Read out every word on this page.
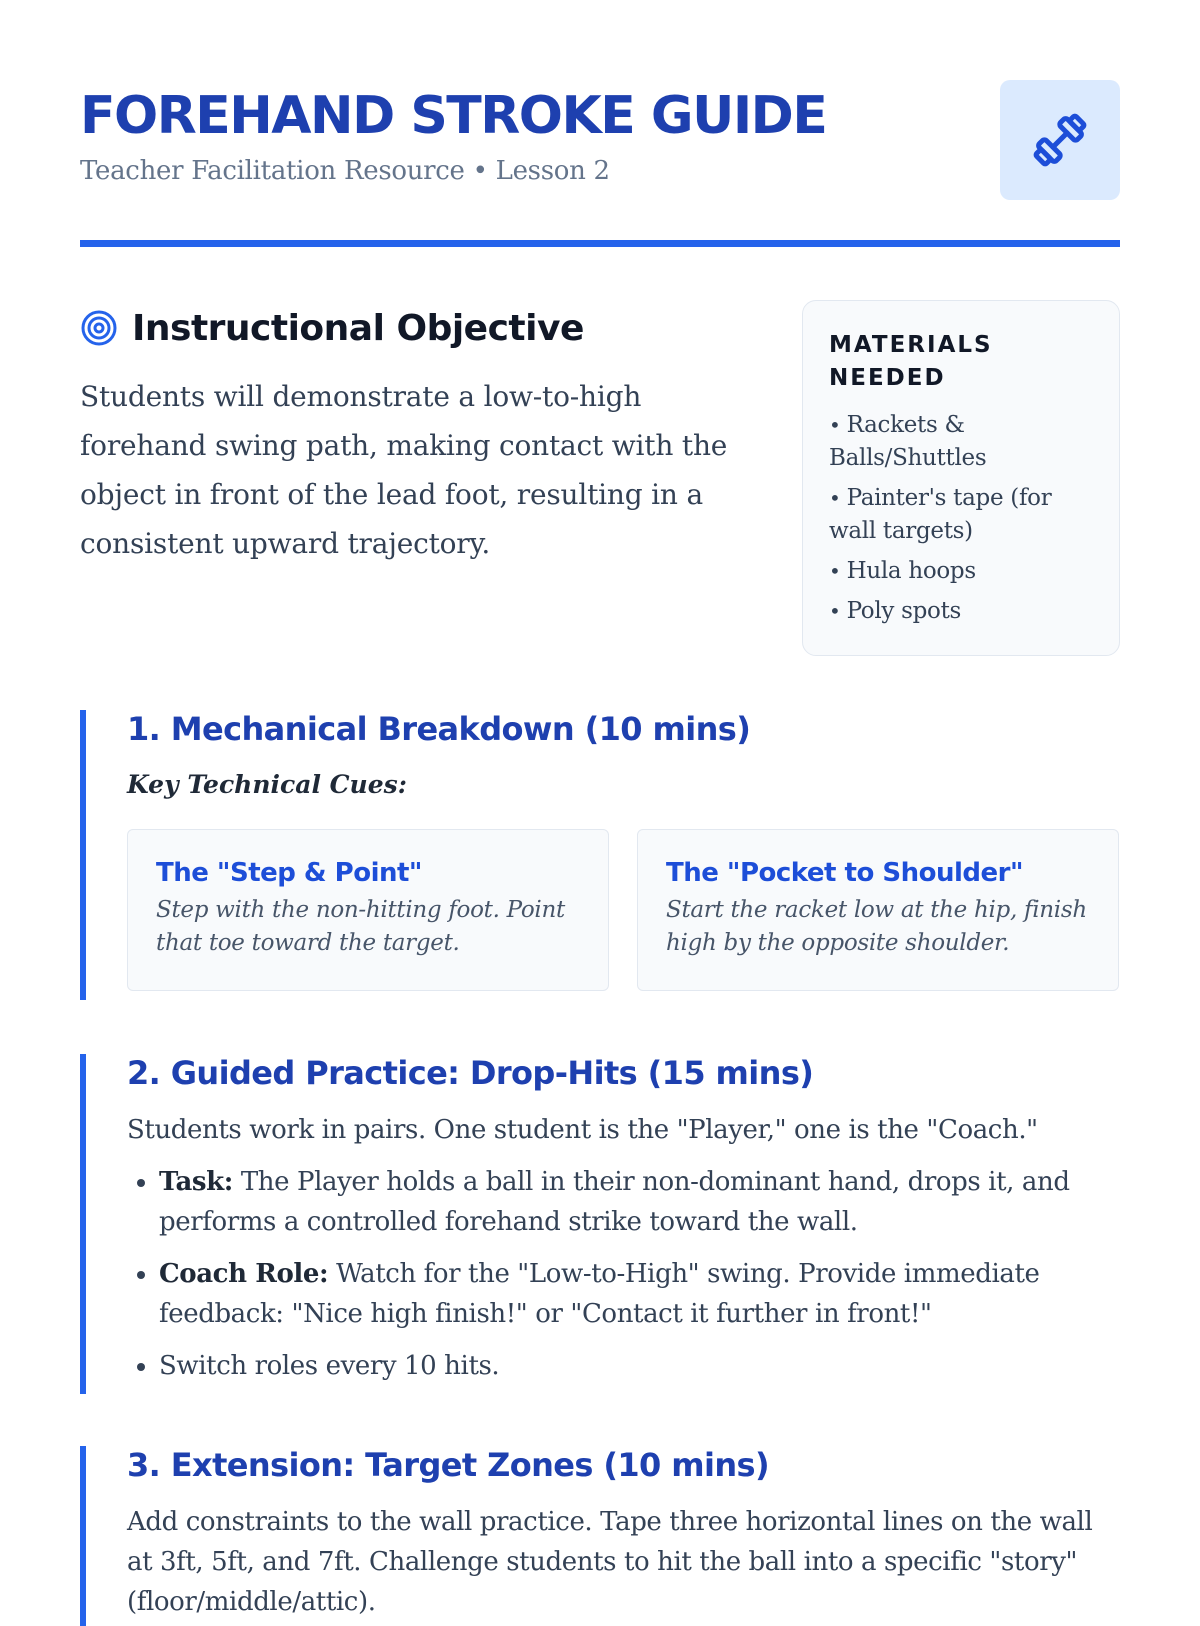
FOREHAND STROKE GUIDE
Teacher Facilitation Resource • Lesson 2
Instructional Objective

Students will demonstrate a low-to-high forehand swing path, making contact with the object in front of the lead foot, resulting in a consistent upward trajectory.

MATERIALS NEEDED
• Rackets & Balls/Shuttles
• Painter's tape (for wall targets)
• Hula hoops
• Poly spots
1. Mechanical Breakdown (10 mins)

Key Technical Cues:

The "Step & Point"

Step with the non-hitting foot. Point that toe toward the target.

The "Pocket to Shoulder"

Start the racket low at the hip, finish high by the opposite shoulder.

2. Guided Practice: Drop-Hits (15 mins)

Students work in pairs. One student is the "Player," one is the "Coach."

• Task: The Player holds a ball in their non-dominant hand, drops it, and performs a controlled forehand strike toward the wall.
• Coach Role: Watch for the "Low-to-High" swing. Provide immediate feedback: "Nice high finish!" or "Contact it further in front!"
• Switch roles every 10 hits.
3. Extension: Target Zones (10 mins)

Add constraints to the wall practice. Tape three horizontal lines on the wall at 3ft, 5ft, and 7ft. Challenge students to hit the ball into a specific "story" (floor/middle/attic).
